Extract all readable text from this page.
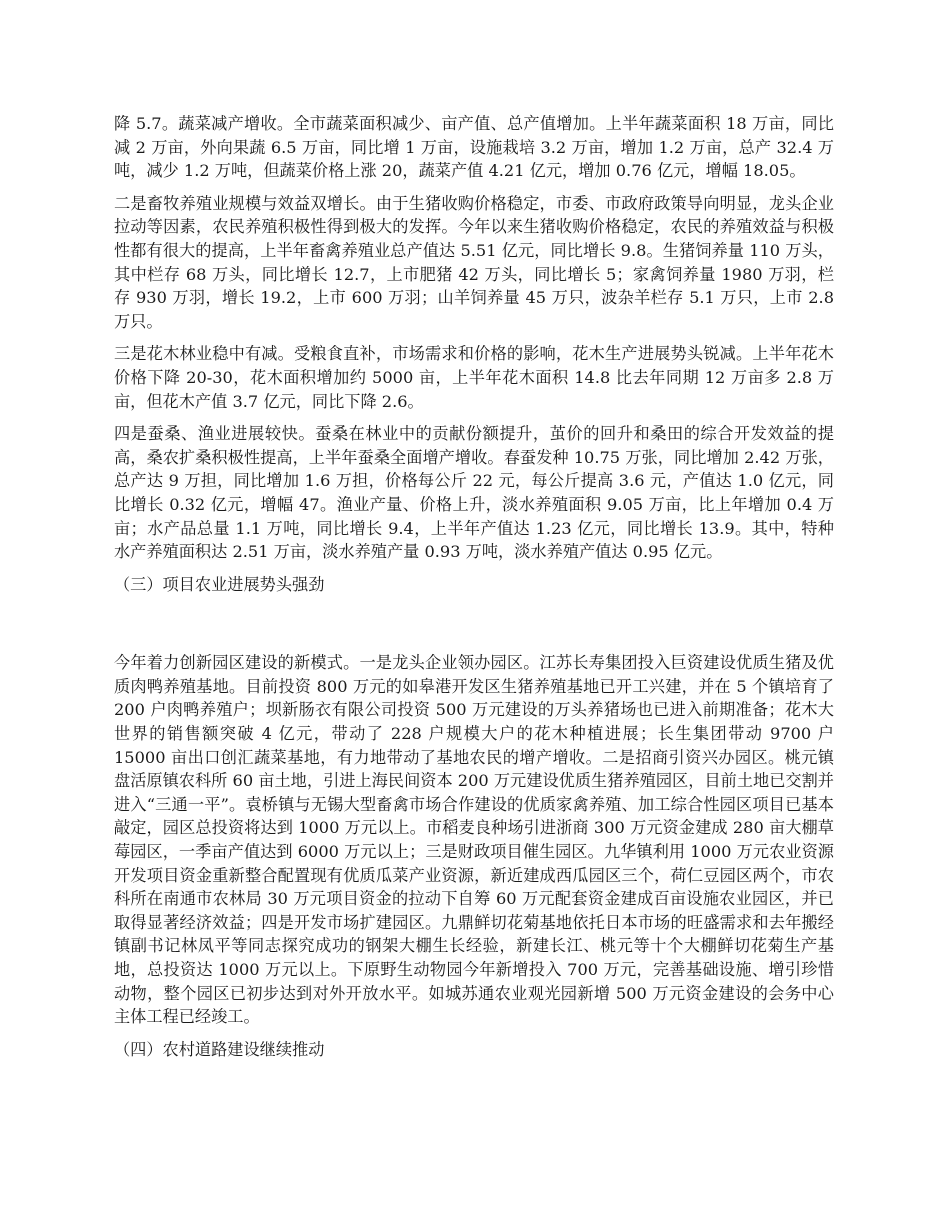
降 5.7。蔬菜减产增收。全市蔬菜面积减少、亩产值、总产值增加。上半年蔬菜面积 18 万亩，同比减 2 万亩，外向果蔬 6.5 万亩，同比增 1 万亩，设施栽培 3.2 万亩，增加 1.2 万亩，总产 32.4 万吨，减少 1.2 万吨，但蔬菜价格上涨 20，蔬菜产值 4.21 亿元，增加 0.76 亿元，增幅 18.05。

二是畜牧养殖业规模与效益双增长。由于生猪收购价格稳定，市委、市政府政策导向明显，龙头企业拉动等因素，农民养殖积极性得到极大的发挥。今年以来生猪收购价格稳定，农民的养殖效益与积极性都有很大的提高，上半年畜禽养殖业总产值达 5.51 亿元，同比增长 9.8。生猪饲养量 110 万头，其中栏存 68 万头，同比增长 12.7，上市肥猪 42 万头，同比增长 5；家禽饲养量 1980 万羽，栏存 930 万羽，增长 19.2，上市 600 万羽；山羊饲养量 45 万只，波杂羊栏存 5.1 万只，上市 2.8 万只。

三是花木林业稳中有减。受粮食直补，市场需求和价格的影响，花木生产进展势头锐减。上半年花木价格下降 20-30，花木面积增加约 5000 亩，上半年花木面积 14.8 比去年同期 12 万亩多 2.8 万亩，但花木产值 3.7 亿元，同比下降 2.6。

四是蚕桑、渔业进展较快。蚕桑在林业中的贡献份额提升，茧价的回升和桑田的综合开发效益的提高，桑农扩桑积极性提高，上半年蚕桑全面增产增收。春蚕发种 10.75 万张，同比增加 2.42 万张，总产达 9 万担，同比增加 1.6 万担，价格每公斤 22 元，每公斤提高 3.6 元，产值达 1.0 亿元，同比增长 0.32 亿元，增幅 47。渔业产量、价格上升，淡水养殖面积 9.05 万亩，比上年增加 0.4 万亩；水产品总量 1.1 万吨，同比增长 9.4，上半年产值达 1.23 亿元，同比增长 13.9。其中，特种水产养殖面积达 2.51 万亩，淡水养殖产量 0.93 万吨，淡水养殖产值达 0.95 亿元。

（三）项目农业进展势头强劲

今年着力创新园区建设的新模式。一是龙头企业领办园区。江苏长寿集团投入巨资建设优质生猪及优质肉鸭养殖基地。目前投资 800 万元的如皋港开发区生猪养殖基地已开工兴建，并在 5 个镇培育了 200 户肉鸭养殖户；坝新肠衣有限公司投资 500 万元建设的万头养猪场也已进入前期准备；花木大世界的销售额突破 4 亿元，带动了 228 户规模大户的花木种植进展；长生集团带动 9700 户 15000 亩出口创汇蔬菜基地，有力地带动了基地农民的增产增收。二是招商引资兴办园区。桃元镇盘活原镇农科所 60 亩土地，引进上海民间资本 200 万元建设优质生猪养殖园区，目前土地已交割并进入“三通一平”。袁桥镇与无锡大型畜禽市场合作建设的优质家禽养殖、加工综合性园区项目已基本敲定，园区总投资将达到 1000 万元以上。市稻麦良种场引进浙商 300 万元资金建成 280 亩大棚草莓园区，一季亩产值达到 6000 万元以上；三是财政项目催生园区。九华镇利用 1000 万元农业资源开发项目资金重新整合配置现有优质瓜菜产业资源，新近建成西瓜园区三个，荷仁豆园区两个，市农科所在南通市农林局 30 万元项目资金的拉动下自筹 60 万元配套资金建成百亩设施农业园区，并已取得显著经济效益；四是开发市场扩建园区。九鼎鲜切花菊基地依托日本市场的旺盛需求和去年搬经镇副书记林凤平等同志探究成功的钢架大棚生长经验，新建长江、桃元等十个大棚鲜切花菊生产基地，总投资达 1000 万元以上。下原野生动物园今年新增投入 700 万元，完善基础设施、增引珍惜动物，整个园区已初步达到对外开放水平。如城苏通农业观光园新增 500 万元资金建设的会务中心主体工程已经竣工。

（四）农村道路建设继续推动
